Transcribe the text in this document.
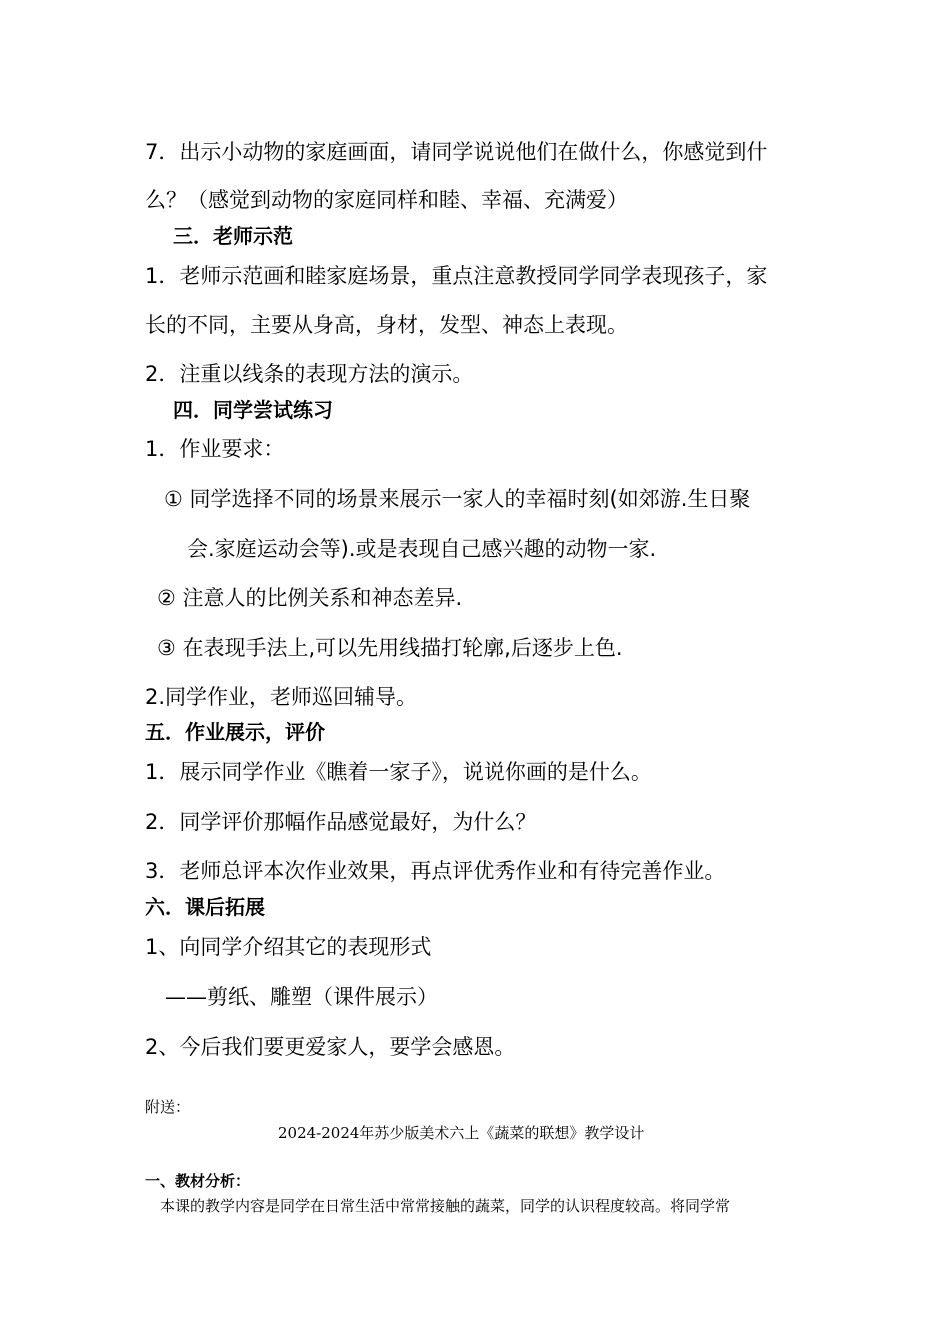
7．出示小动物的家庭画面，请同学说说他们在做什么，你感觉到什
么？（感觉到动物的家庭同样和睦、幸福、充满爱）
三．老师示范
1．老师示范画和睦家庭场景，重点注意教授同学同学表现孩子，家
长的不同，主要从身高，身材，发型、神态上表现。
2．注重以线条的表现方法的演示。
四．同学尝试练习
1．作业要求：
① 同学选择不同的场景来展示一家人的幸福时刻(如郊游.生日聚
会.家庭运动会等).或是表现自己感兴趣的动物一家.
② 注意人的比例关系和神态差异.
③ 在表现手法上,可以先用线描打轮廓,后逐步上色.
2.同学作业，老师巡回辅导。
五．作业展示，评价
1．展示同学作业《瞧着一家子》，说说你画的是什么。
2．同学评价那幅作品感觉最好，为什么？
3．老师总评本次作业效果，再点评优秀作业和有待完善作业。
六．课后拓展
1、向同学介绍其它的表现形式
——剪纸、雕塑（课件展示）
2、今后我们要更爱家人，要学会感恩。
附送：
2024-2024年苏少版美术六上《蔬菜的联想》教学设计
一、教材分析：
本课的教学内容是同学在日常生活中常常接触的蔬菜，同学的认识程度较高。将同学常
